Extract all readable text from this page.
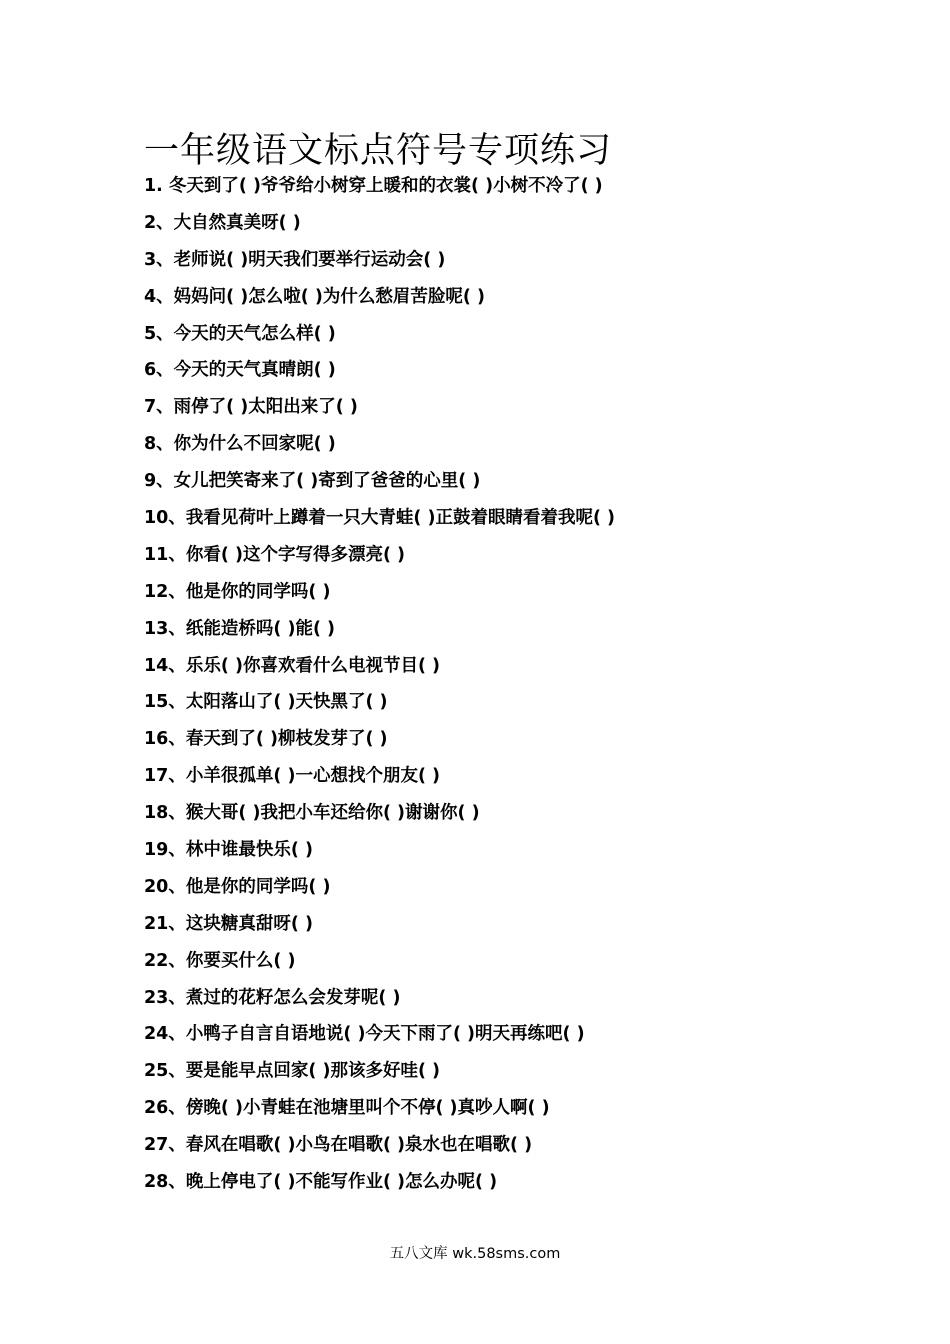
一年级语文标点符号专项练习
1. 冬天到了( )爷爷给小树穿上暖和的衣裳( )小树不冷了( )
2、大自然真美呀( )
3、老师说( )明天我们要举行运动会( )
4、妈妈问( )怎么啦( )为什么愁眉苦脸呢( )
5、今天的天气怎么样( )
6、今天的天气真晴朗( )
7、雨停了( )太阳出来了( )
8、你为什么不回家呢( )
9、女儿把笑寄来了( )寄到了爸爸的心里( )
10、我看见荷叶上蹲着一只大青蛙( )正鼓着眼睛看着我呢( )
11、你看( )这个字写得多漂亮( )
12、他是你的同学吗( )
13、纸能造桥吗( )能( )
14、乐乐( )你喜欢看什么电视节目( )
15、太阳落山了( )天快黑了( )
16、春天到了( )柳枝发芽了( )
17、小羊很孤单( )一心想找个朋友( )
18、猴大哥( )我把小车还给你( )谢谢你( )
19、林中谁最快乐( )
20、他是你的同学吗( )
21、这块糖真甜呀( )
22、你要买什么( )
23、煮过的花籽怎么会发芽呢( )
24、小鸭子自言自语地说( )今天下雨了( )明天再练吧( )
25、要是能早点回家( )那该多好哇( )
26、傍晚( )小青蛙在池塘里叫个不停( )真吵人啊( )
27、春风在唱歌( )小鸟在唱歌( )泉水也在唱歌( )
28、晚上停电了( )不能写作业( )怎么办呢( )
五八文库 wk.58sms.com
